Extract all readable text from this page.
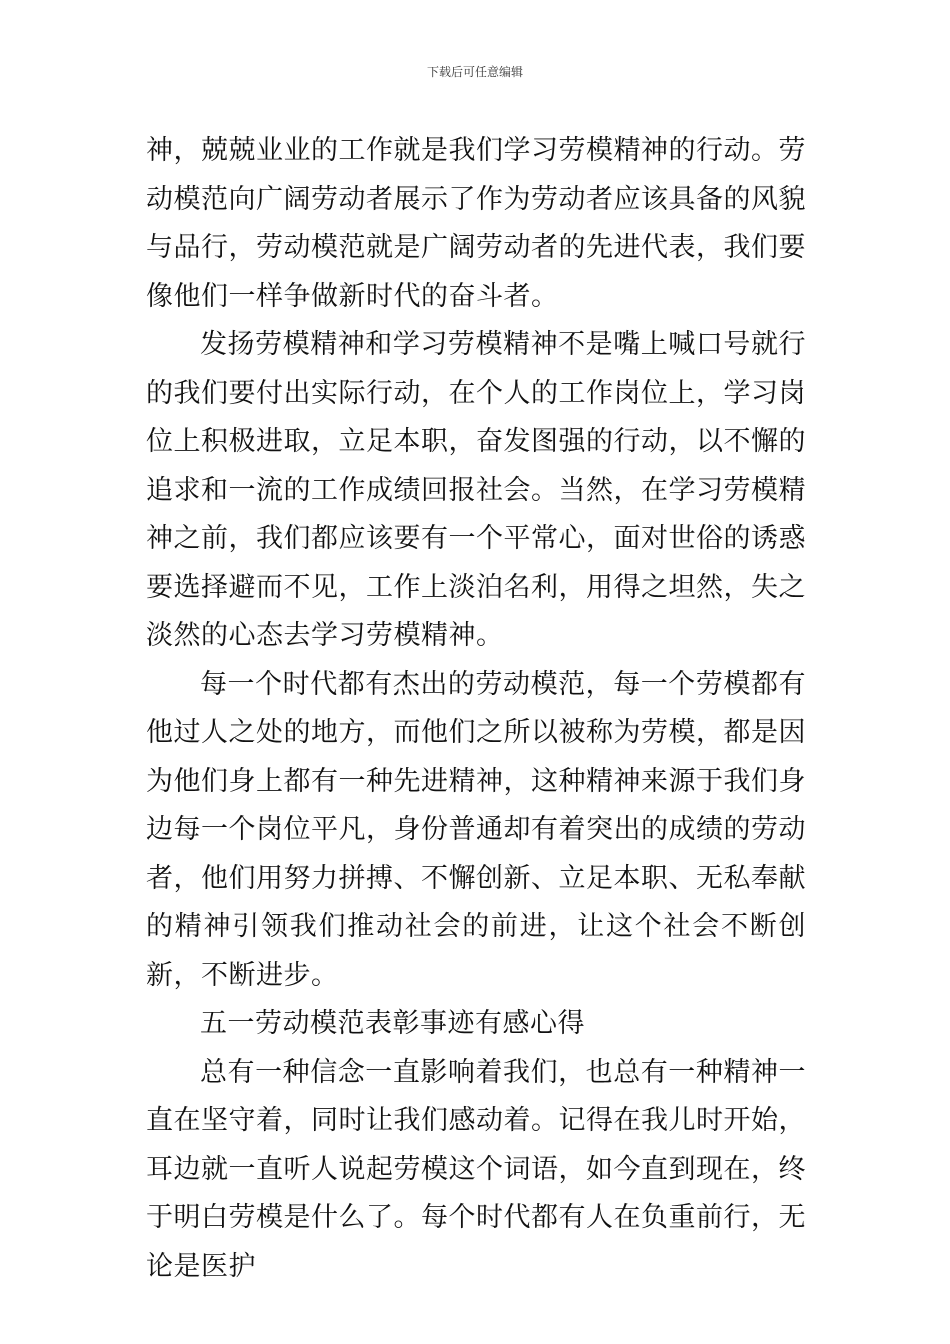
下载后可任意编辑

神，兢兢业业的工作就是我们学习劳模精神的行动。劳动模范向广阔劳动者展示了作为劳动者应该具备的风貌与品行，劳动模范就是广阔劳动者的先进代表，我们要像他们一样争做新时代的奋斗者。

发扬劳模精神和学习劳模精神不是嘴上喊口号就行的我们要付出实际行动，在个人的工作岗位上，学习岗位上积极进取，立足本职，奋发图强的行动，以不懈的追求和一流的工作成绩回报社会。当然，在学习劳模精神之前，我们都应该要有一个平常心，面对世俗的诱惑要选择避而不见，工作上淡泊名利，用得之坦然，失之淡然的心态去学习劳模精神。

每一个时代都有杰出的劳动模范，每一个劳模都有他过人之处的地方，而他们之所以被称为劳模，都是因为他们身上都有一种先进精神，这种精神来源于我们身边每一个岗位平凡，身份普通却有着突出的成绩的劳动者，他们用努力拼搏、不懈创新、立足本职、无私奉献的精神引领我们推动社会的前进，让这个社会不断创新，不断进步。

五一劳动模范表彰事迹有感心得

总有一种信念一直影响着我们，也总有一种精神一直在坚守着，同时让我们感动着。记得在我儿时开始，耳边就一直听人说起劳模这个词语，如今直到现在，终于明白劳模是什么了。每个时代都有人在负重前行，无论是医护
